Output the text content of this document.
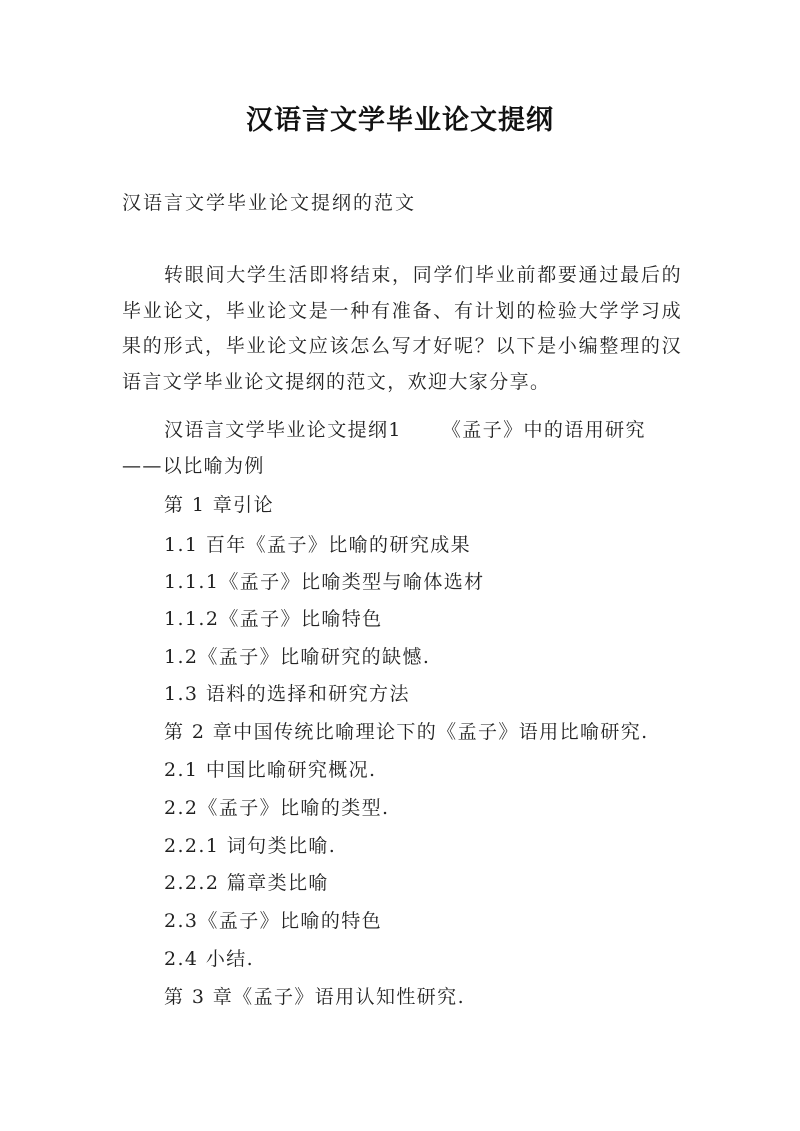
汉语言文学毕业论文提纲
汉语言文学毕业论文提纲的范文

转眼间大学生活即将结束，同学们毕业前都要通过最后的毕业论文，毕业论文是一种有准备、有计划的检验大学学习成果的形式，毕业论文应该怎么写才好呢？以下是小编整理的汉语言文学毕业论文提纲的范文，欢迎大家分享。

汉语言文学毕业论文提纲1 《孟子》中的语用研究——以比喻为例

第 1 章引论
1.1 百年《孟子》比喻的研究成果
1.1.1《孟子》比喻类型与喻体选材
1.1.2《孟子》比喻特色
1.2《孟子》比喻研究的缺憾.
1.3 语料的选择和研究方法
第 2 章中国传统比喻理论下的《孟子》语用比喻研究.
2.1 中国比喻研究概况.
2.2《孟子》比喻的类型.
2.2.1 词句类比喻.
2.2.2 篇章类比喻
2.3《孟子》比喻的特色
2.4 小结.
第 3 章《孟子》语用认知性研究.
